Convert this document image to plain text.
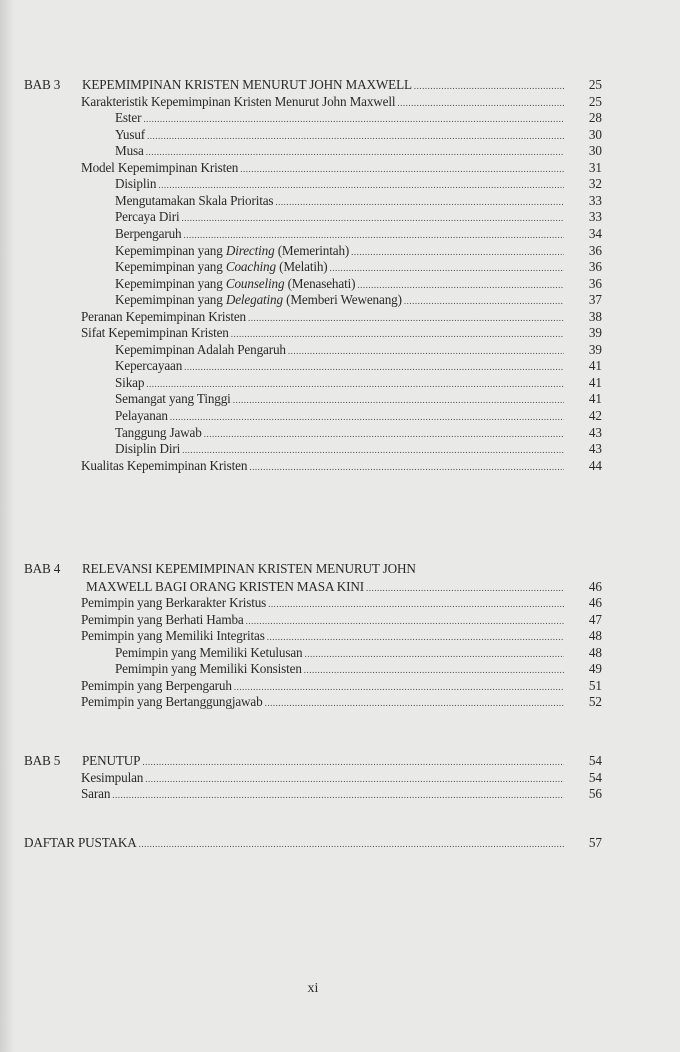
BAB 3 KEPEMIMPINAN KRISTEN MENURUT JOHN MAXWELL .....	25
Karakteristik Kepemimpinan Kristen Menurut John Maxwell .....	25
Ester .....	28
Yusuf .....	30
Musa .....	30
Model Kepemimpinan Kristen .....	31
Disiplin .....	32
Mengutamakan Skala Prioritas .....	33
Percaya Diri .....	33
Berpengaruh .....	34
Kepemimpinan yang Directing (Memerintah) .....	36
Kepemimpinan yang Coaching (Melatih) .....	36
Kepemimpinan yang Counseling (Menasehati) .....	36
Kepemimpinan yang Delegating (Memberi Wewenang) .....	37
Peranan Kepemimpinan Kristen .....	38
Sifat Kepemimpinan Kristen .....	39
Kepemimpinan Adalah Pengaruh .....	39
Kepercayaan .....	41
Sikap .....	41
Semangat yang Tinggi .....	41
Pelayanan .....	42
Tanggung Jawab .....	43
Disiplin Diri .....	43
Kualitas Kepemimpinan Kristen .....	44
BAB 4 RELEVANSI KEPEMIMPINAN KRISTEN MENURUT JOHN
MAXWELL BAGI ORANG KRISTEN MASA KINI .....	46
Pemimpin yang Berkarakter Kristus .....	46
Pemimpin yang Berhati Hamba .....	47
Pemimpin yang Memiliki Integritas .....	48
Pemimpin yang Memiliki Ketulusan .....	48
Pemimpin yang Memiliki Konsisten .....	49
Pemimpin yang Berpengaruh .....	51
Pemimpin yang Bertanggungjawab .....	52
BAB 5 PENUTUP .....	54
Kesimpulan .....	54
Saran .....	56
DAFTAR PUSTAKA .....	57
xi
